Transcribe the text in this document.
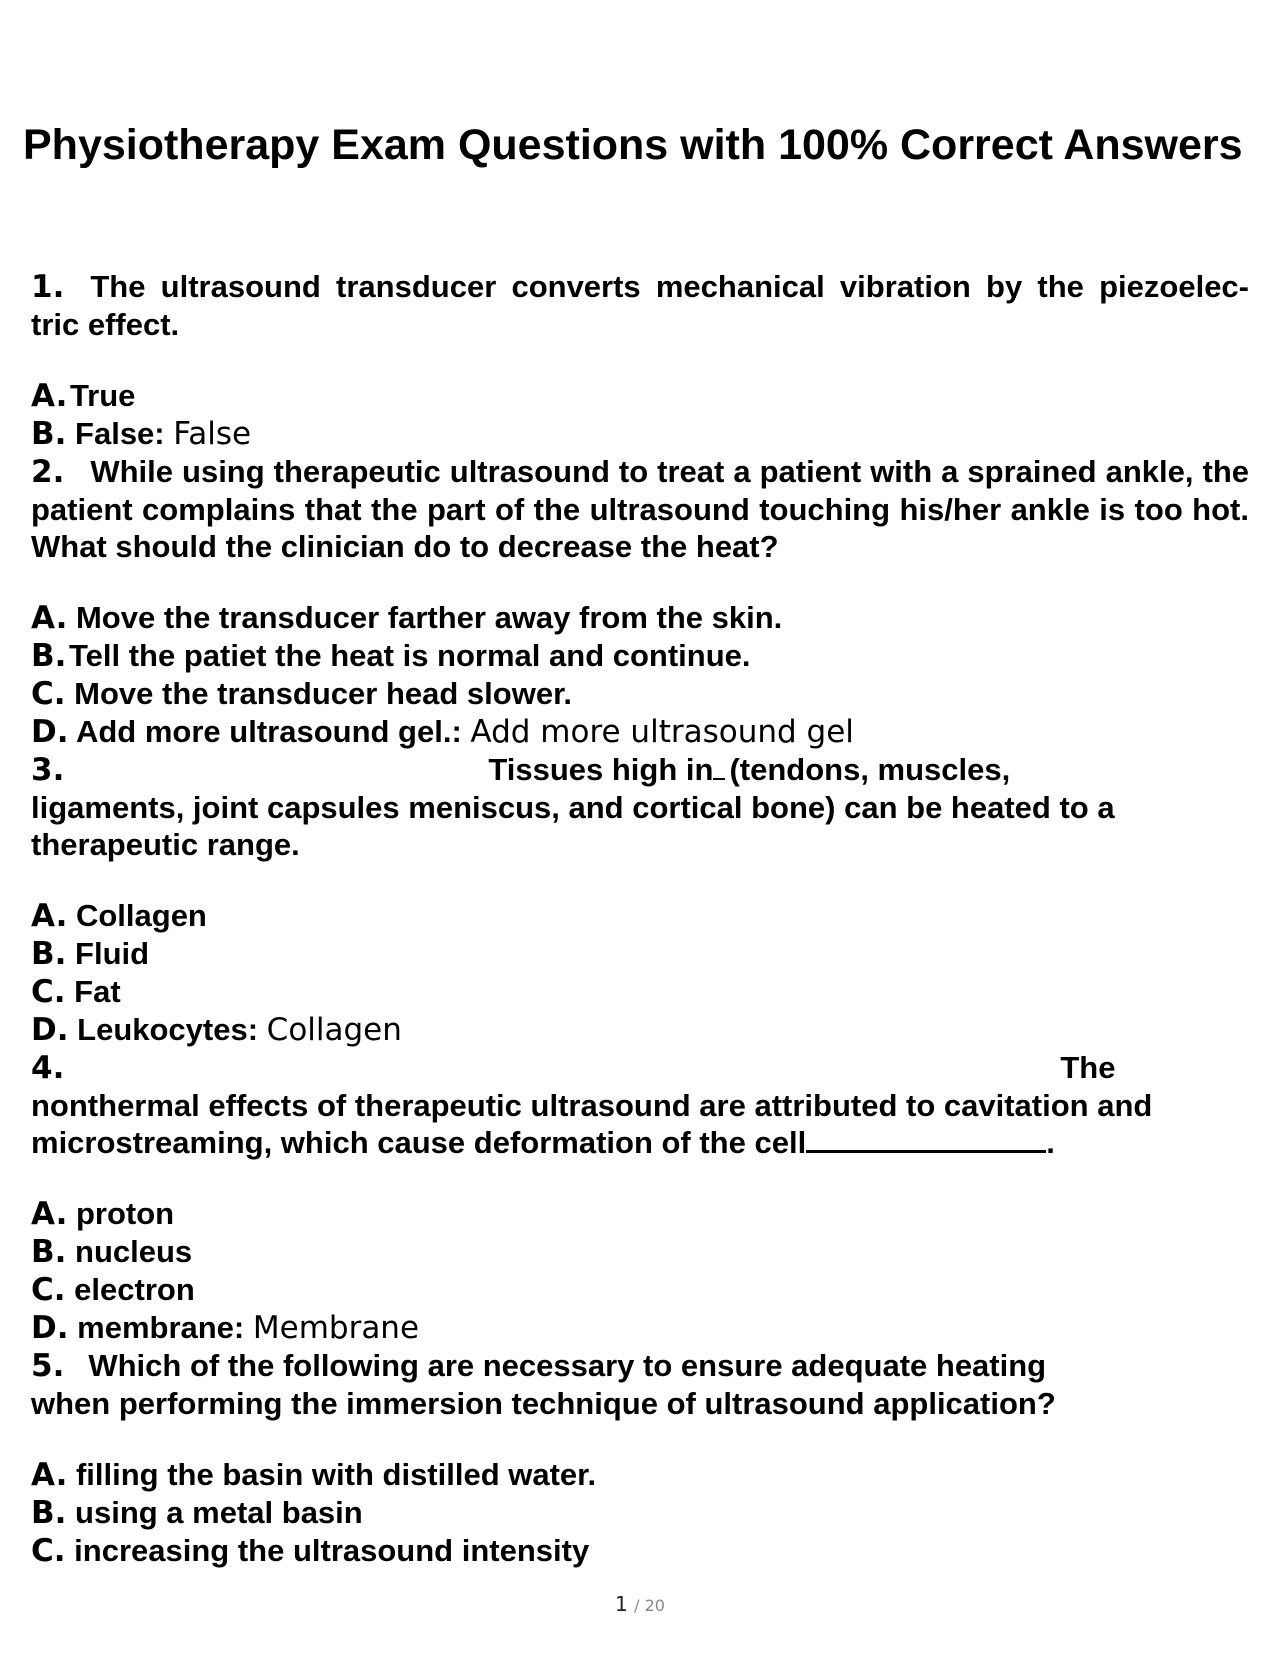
Physiotherapy Exam Questions with 100% Correct Answers

1. The ultrasound transducer converts mechanical vibration by the piezoelec- tric effect.

A. True

B. False: False

2. While using therapeutic ultrasound to treat a patient with a sprained ankle, the patient complains that the part of the ultrasound touching his/her ankle is too hot. What should the clinician do to decrease the heat?

A. Move the transducer farther away from the skin.

B. Tell the patiet the heat is normal and continue.

C. Move the transducer head slower.

D. Add more ultrasound gel.: Add more ultrasound gel

3.	Tissues high in (tendons, muscles,
ligaments, joint capsules meniscus, and cortical bone) can be heated to a therapeutic range.

A. Collagen

B. Fluid

C. Fat

D. Leukocytes: Collagen

4.	The
nonthermal effects of therapeutic ultrasound are attributed to cavitation and microstreaming, which cause deformation of the cell	.

A. proton

B. nucleus

C. electron

D. membrane: Membrane

5. Which of the following are necessary to ensure adequate heating
when performing the immersion technique of ultrasound application?

A. filling the basin with distilled water.

B. using a metal basin

C. increasing the ultrasound intensity

1 / 20
